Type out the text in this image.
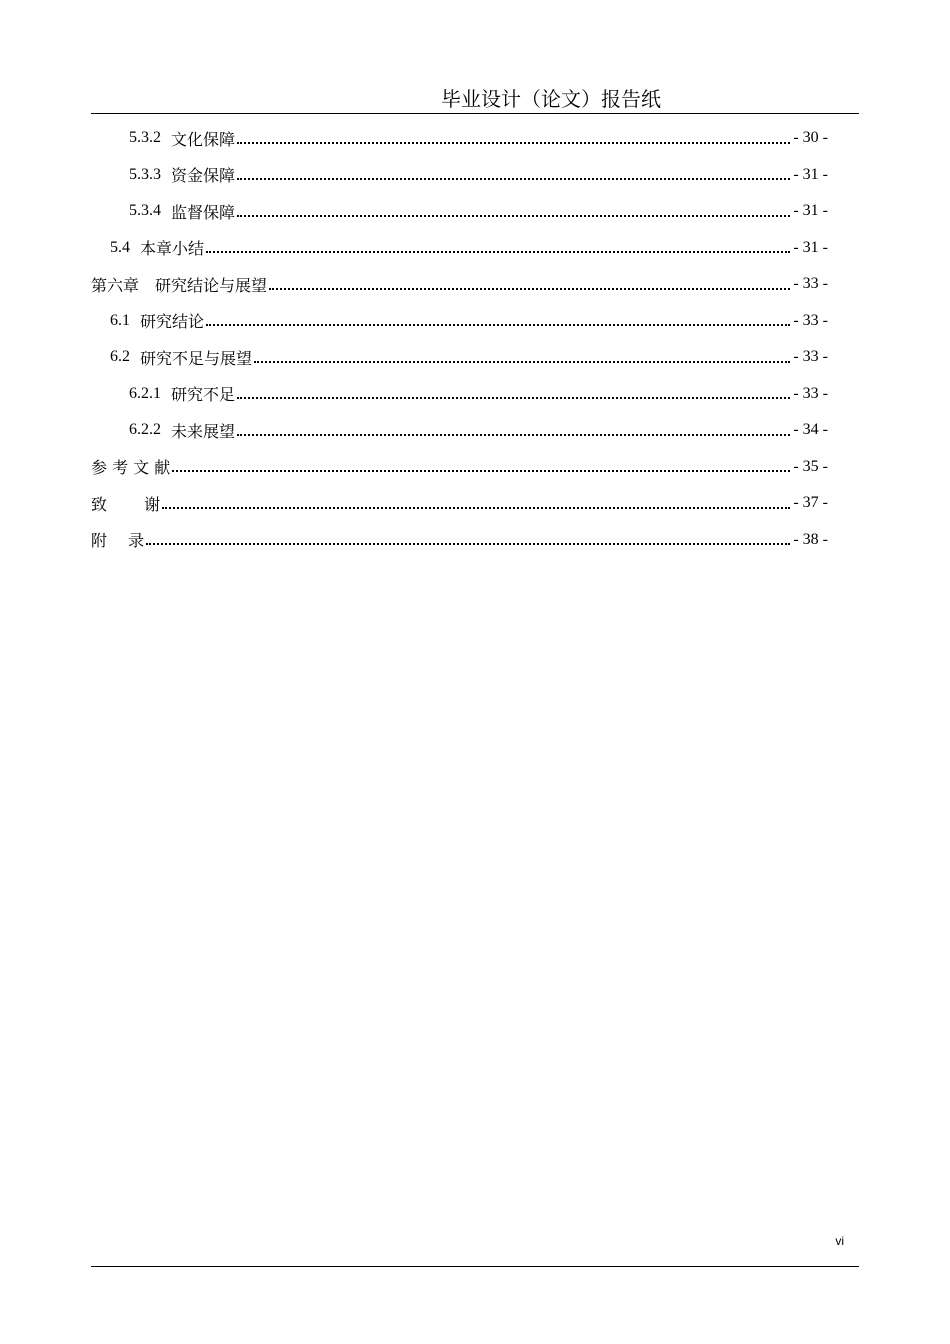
毕业设计（论文）报告纸
5.3.2 文化保障	- 30 -
5.3.3 资金保障	- 31 -
5.3.4 监督保障	- 31 -
5.4 本章小结	- 31 -
第六章　研究结论与展望	- 33 -
6.1 研究结论	- 33 -
6.2 研究不足与展望	- 33 -
6.2.1 研究不足	- 33 -
6.2.2 未来展望	- 34 -
参 考 文 献	- 35 -
致　　 谢	- 37 -
附　 录	- 38 -
vi
